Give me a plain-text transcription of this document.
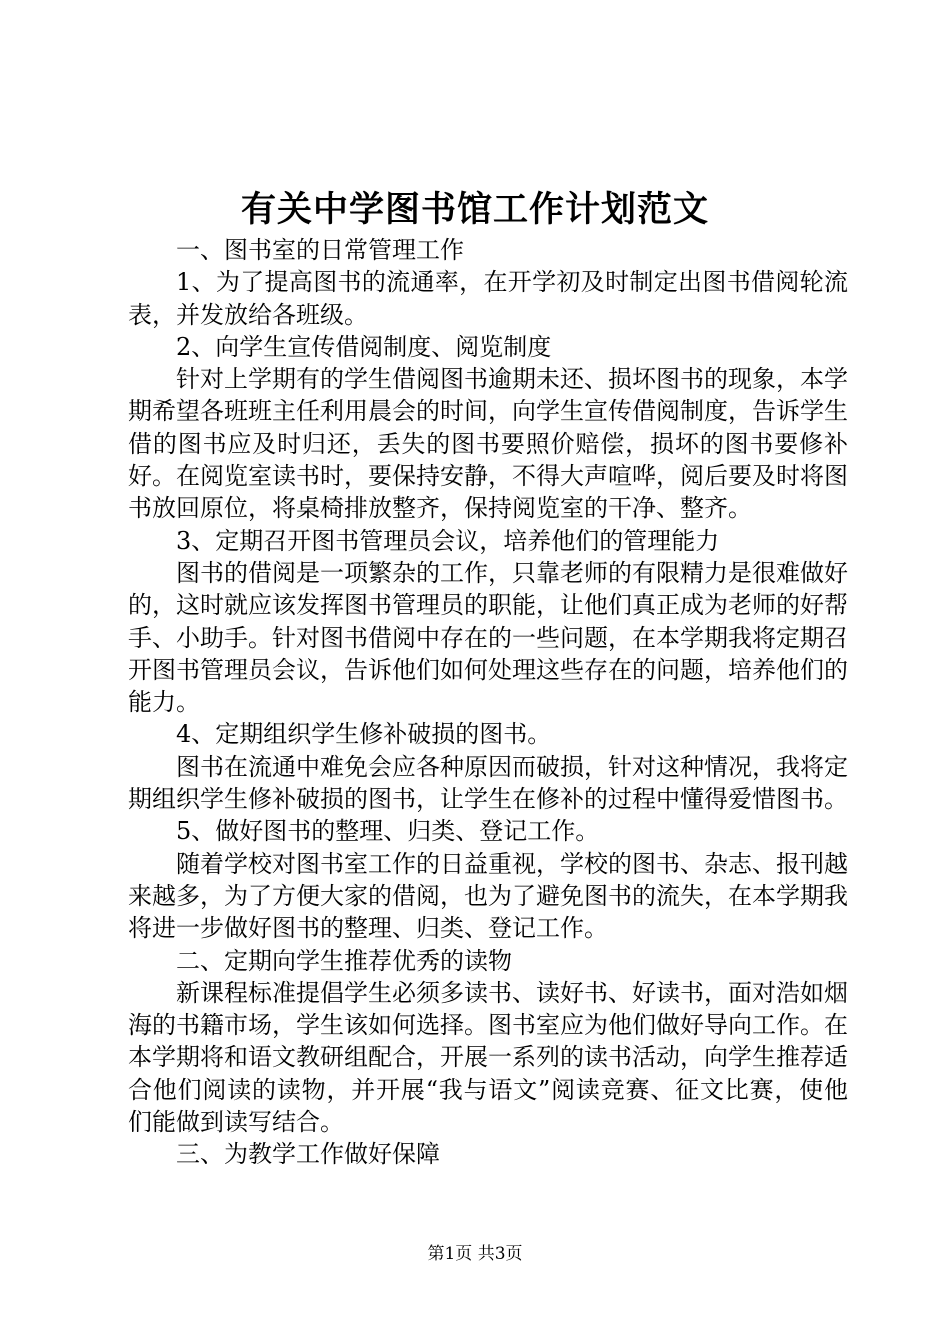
有关中学图书馆工作计划范文

一、图书室的日常管理工作

1、为了提高图书的流通率，在开学初及时制定出图书借阅轮流表，并发放给各班级。

2、向学生宣传借阅制度、阅览制度

针对上学期有的学生借阅图书逾期未还、损坏图书的现象，本学期希望各班班主任利用晨会的时间，向学生宣传借阅制度，告诉学生借的图书应及时归还，丢失的图书要照价赔偿，损坏的图书要修补好。在阅览室读书时，要保持安静，不得大声喧哗，阅后要及时将图书放回原位，将桌椅排放整齐，保持阅览室的干净、整齐。

3、定期召开图书管理员会议，培养他们的管理能力

图书的借阅是一项繁杂的工作，只靠老师的有限精力是很难做好的，这时就应该发挥图书管理员的职能，让他们真正成为老师的好帮手、小助手。针对图书借阅中存在的一些问题，在本学期我将定期召开图书管理员会议，告诉他们如何处理这些存在的问题，培养他们的能力。

4、定期组织学生修补破损的图书。

图书在流通中难免会应各种原因而破损，针对这种情况，我将定期组织学生修补破损的图书，让学生在修补的过程中懂得爱惜图书。

5、做好图书的整理、归类、登记工作。

随着学校对图书室工作的日益重视，学校的图书、杂志、报刊越来越多，为了方便大家的借阅，也为了避免图书的流失，在本学期我将进一步做好图书的整理、归类、登记工作。

二、定期向学生推荐优秀的读物

新课程标准提倡学生必须多读书、读好书、好读书，面对浩如烟海的书籍市场，学生该如何选择。图书室应为他们做好导向工作。在本学期将和语文教研组配合，开展一系列的读书活动，向学生推荐适合他们阅读的读物，并开展“我与语文”阅读竞赛、征文比赛，使他们能做到读写结合。

三、为教学工作做好保障

第1页 共3页
